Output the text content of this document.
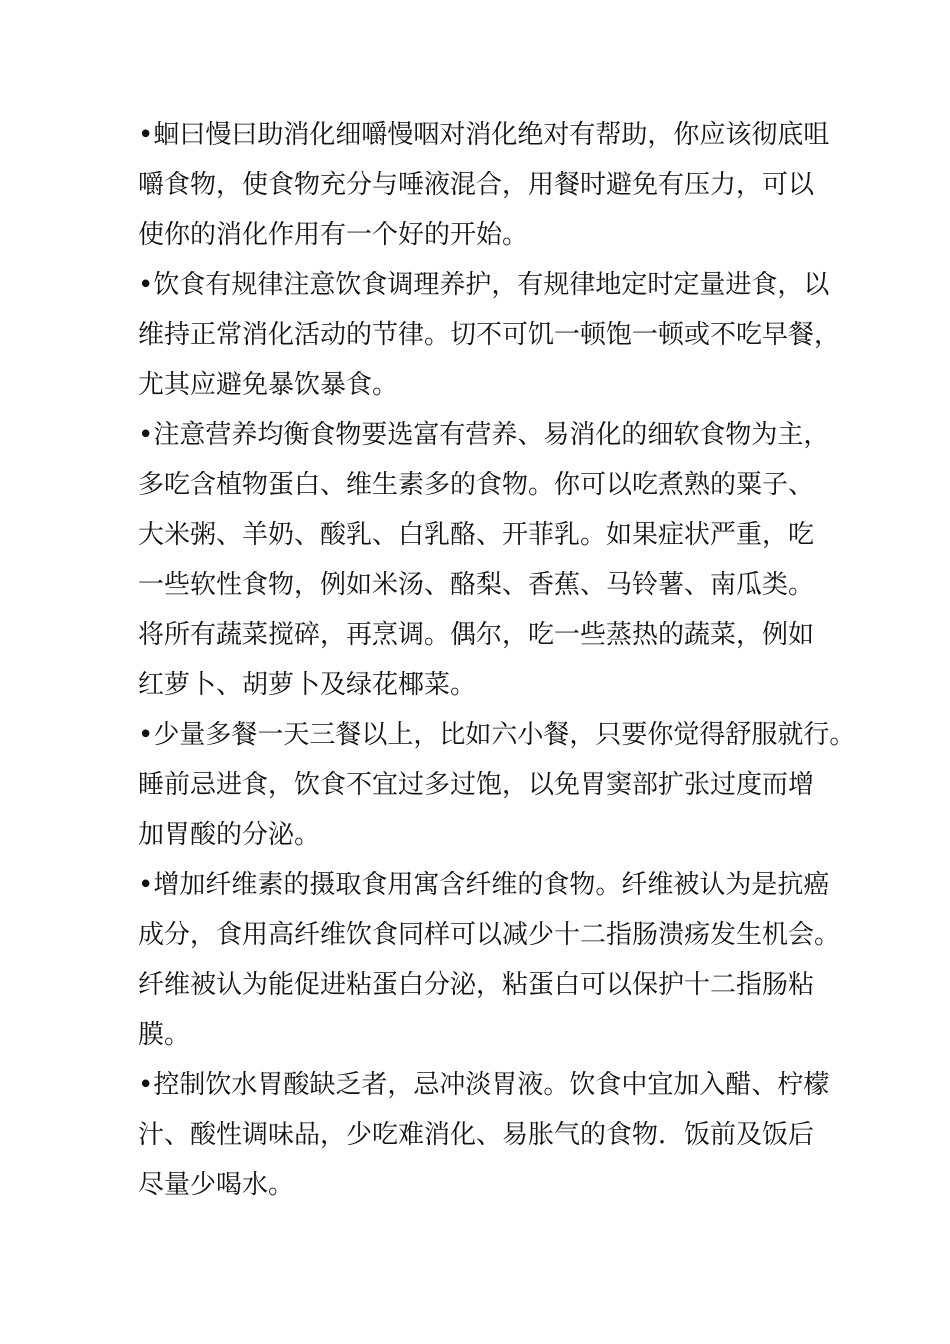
•蛔曰慢曰助消化细嚼慢咽对消化绝对有帮助，你应该彻底咀
嚼食物，使食物充分与唾液混合，用餐时避免有压力，可以
使你的消化作用有一个好的开始。
•饮食有规律注意饮食调理养护，有规律地定时定量进食，以
维持正常消化活动的节律。切不可饥一顿饱一顿或不吃早餐，
尤其应避免暴饮暴食。
•注意营养均衡食物要选富有营养、易消化的细软食物为主，
多吃含植物蛋白、维生素多的食物。你可以吃煮熟的粟子、
大米粥、羊奶、酸乳、白乳酪、开菲乳。如果症状严重，吃
一些软性食物，例如米汤、酪梨、香蕉、马铃薯、南瓜类。
将所有蔬菜搅碎，再烹调。偶尔，吃一些蒸热的蔬菜，例如
红萝卜、胡萝卜及绿花椰菜。
•少量多餐一天三餐以上，比如六小餐，只要你觉得舒服就行。
睡前忌进食，饮食不宜过多过饱，以免胃窦部扩张过度而增
加胃酸的分泌。
•增加纤维素的摄取食用寓含纤维的食物。纤维被认为是抗癌
成分，食用高纤维饮食同样可以减少十二指肠溃疡发生机会。
纤维被认为能促进粘蛋白分泌，粘蛋白可以保护十二指肠粘
膜。
•控制饮水胃酸缺乏者，忌冲淡胃液。饮食中宜加入醋、柠檬
汁、酸性调味品，少吃难消化、易胀气的食物．饭前及饭后
尽量少喝水。
